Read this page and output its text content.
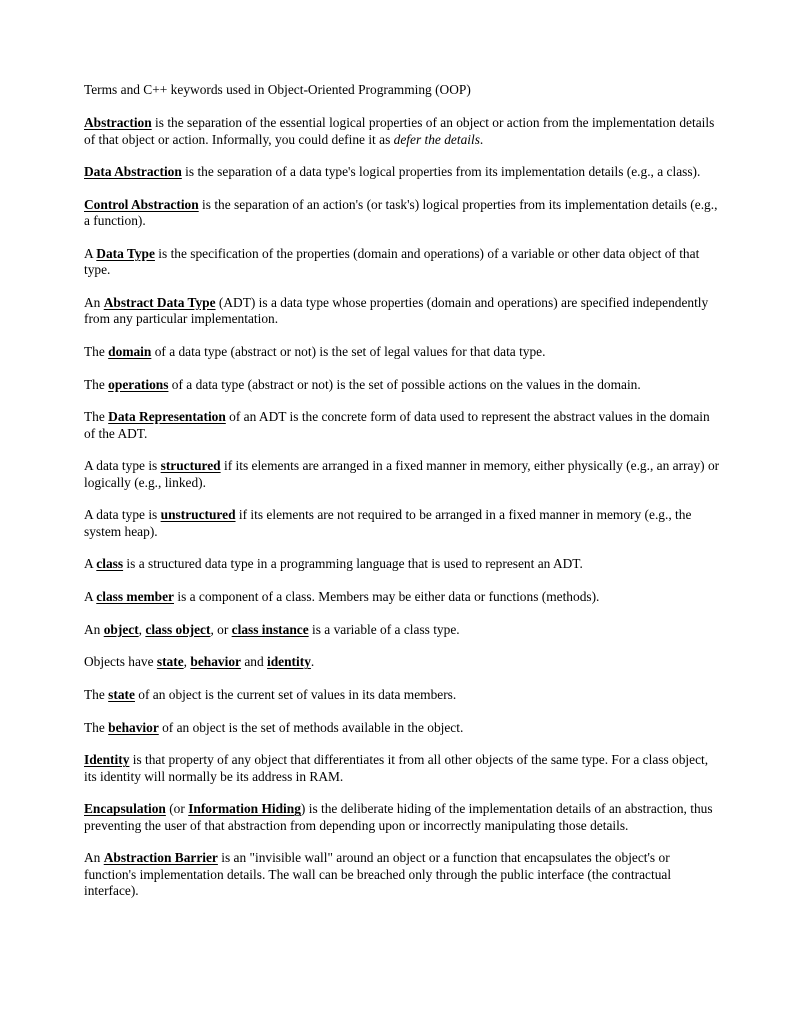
Terms and C++ keywords used in Object-Oriented Programming (OOP)

Abstraction is the separation of the essential logical properties of an object or action from the implementation details of that object or action. Informally, you could define it as defer the details.

Data Abstraction is the separation of a data type's logical properties from its implementation details (e.g., a class).

Control Abstraction is the separation of an action's (or task's) logical properties from its implementation details (e.g., a function).

A Data Type is the specification of the properties (domain and operations) of a variable or other data object of that type.

An Abstract Data Type (ADT) is a data type whose properties (domain and operations) are specified independently from any particular implementation.

The domain of a data type (abstract or not) is the set of legal values for that data type.

The operations of a data type (abstract or not) is the set of possible actions on the values in the domain.

The Data Representation of an ADT is the concrete form of data used to represent the abstract values in the domain of the ADT.

A data type is structured if its elements are arranged in a fixed manner in memory, either physically (e.g., an array) or logically (e.g., linked).

A data type is unstructured if its elements are not required to be arranged in a fixed manner in memory (e.g., the system heap).

A class is a structured data type in a programming language that is used to represent an ADT.

A class member is a component of a class. Members may be either data or functions (methods).

An object, class object, or class instance is a variable of a class type.

Objects have state, behavior and identity.

The state of an object is the current set of values in its data members.

The behavior of an object is the set of methods available in the object.

Identity is that property of any object that differentiates it from all other objects of the same type. For a class object, its identity will normally be its address in RAM.

Encapsulation (or Information Hiding) is the deliberate hiding of the implementation details of an abstraction, thus preventing the user of that abstraction from depending upon or incorrectly manipulating those details.

An Abstraction Barrier is an "invisible wall" around an object or a function that encapsulates the object's or function's implementation details. The wall can be breached only through the public interface (the contractual interface).
